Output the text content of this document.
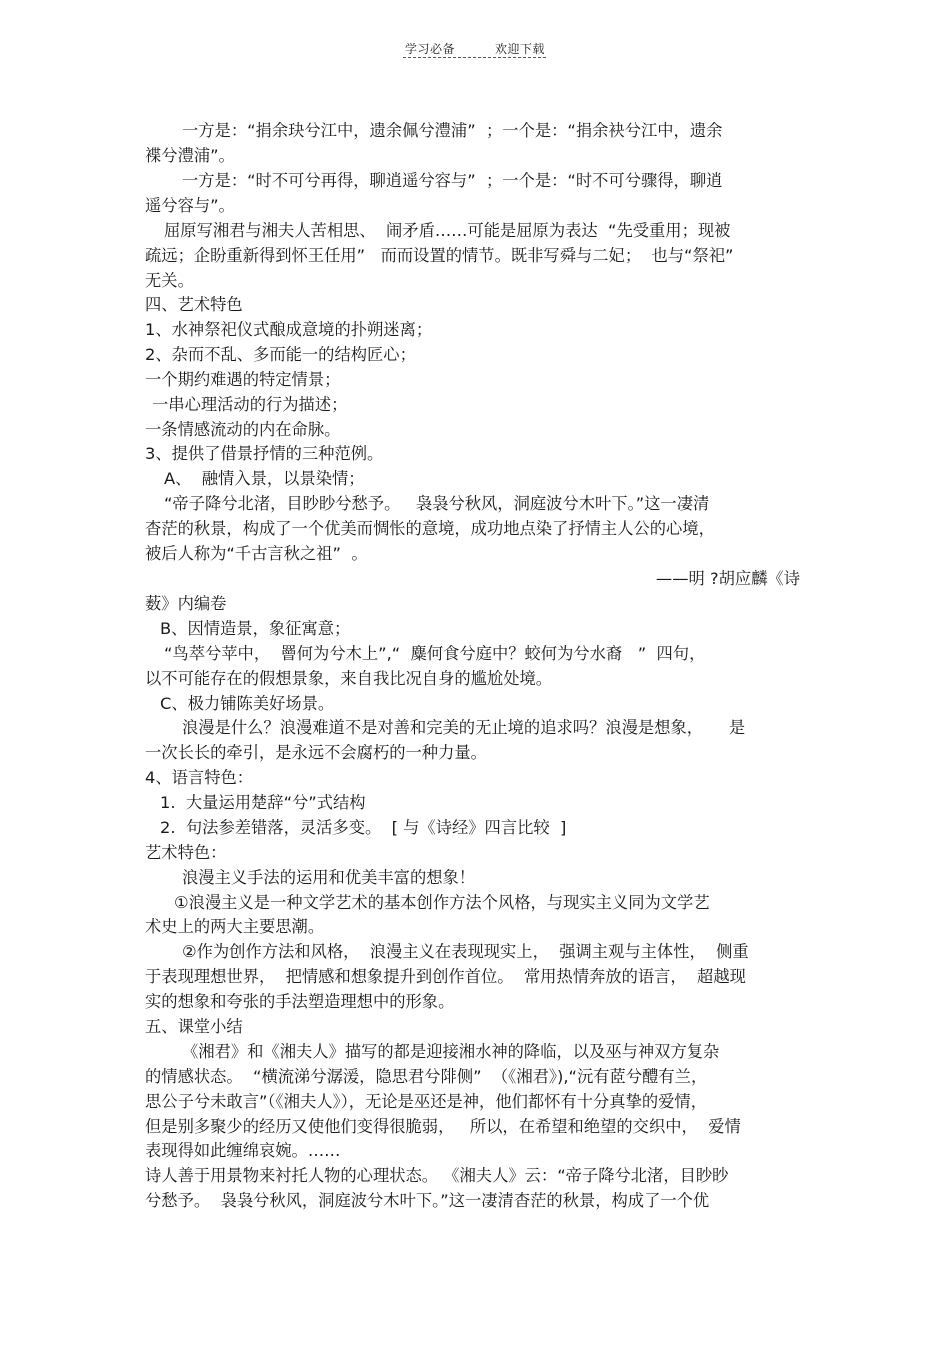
学习必备	欢迎下载
一方是：“捐余玦兮江中，遗余佩兮澧浦”  ；一个是：“捐余袂兮江中，遗余
褋兮澧浦”。
一方是：“时不可兮再得，聊逍遥兮容与”  ；一个是：“时不可兮骤得，聊逍
遥兮容与”。
屈原写湘君与湘夫人苦相思、  闹矛盾……可能是屈原为表达  “先受重用；现被
疏远；企盼重新得到怀王任用”   而而设置的情节。既非写舜与二妃；  也与“祭祀”
无关。
四、艺术特色
1、水神祭祀仪式酿成意境的扑朔迷离；
2、杂而不乱、多而能一的结构匠心；
一个期约难遇的特定情景；
一串心理活动的行为描述；
一条情感流动的内在命脉。
3、提供了借景抒情的三种范例。
A、  融情入景，以景染情；
“帝子降兮北渚，目眇眇兮愁予。   袅袅兮秋风，洞庭波兮木叶下。”这一凄清
杳茫的秋景，构成了一个优美而惆怅的意境，成功地点染了抒情主人公的心境，
被后人称为“千古言秋之祖”  。
——明 ?胡应麟《诗
薮》内编卷
B、因情造景，象征寓意；
“鸟萃兮苹中，  罾何为兮木上”,“  麋何食兮庭中？蛟何为兮水裔   ”  四句，
以不可能存在的假想景象，来自我比况自身的尴尬处境。
C、极力铺陈美好场景。
浪漫是什么？浪漫难道不是对善和完美的无止境的追求吗？浪漫是想象，     是
一次长长的牵引，是永远不会腐朽的一种力量。
4、语言特色：
1.  大量运用楚辞“兮”式结构
2.  句法参差错落，灵活多变。  [ 与《诗经》四言比较  ]
艺术特色：
浪漫主义手法的运用和优美丰富的想象！
①浪漫主义是一种文学艺术的基本创作方法个风格，与现实主义同为文学艺
术史上的两大主要思潮。
②作为创作方法和风格，  浪漫主义在表现现实上，  强调主观与主体性，  侧重
于表现理想世界，  把情感和想象提升到创作首位。  常用热情奔放的语言，  超越现
实的想象和夸张的手法塑造理想中的形象。
五、课堂小结
《湘君》和《湘夫人》描写的都是迎接湘水神的降临，以及巫与神双方复杂
的情感状态。  “横流涕兮潺湲，隐思君兮陫侧”  （《湘君》),“沅有茝兮醴有兰，
思公子兮未敢言”（《湘夫人》），无论是巫还是神，他们都怀有十分真挚的爱情，
但是别多聚少的经历又使他们变得很脆弱，   所以，在希望和绝望的交织中，  爱情
表现得如此缠绵哀婉。……
诗人善于用景物来衬托人物的心理状态。 《湘夫人》云：“帝子降兮北渚，目眇眇
兮愁予。  袅袅兮秋风，洞庭波兮木叶下。”这一凄清杳茫的秋景，构成了一个优
